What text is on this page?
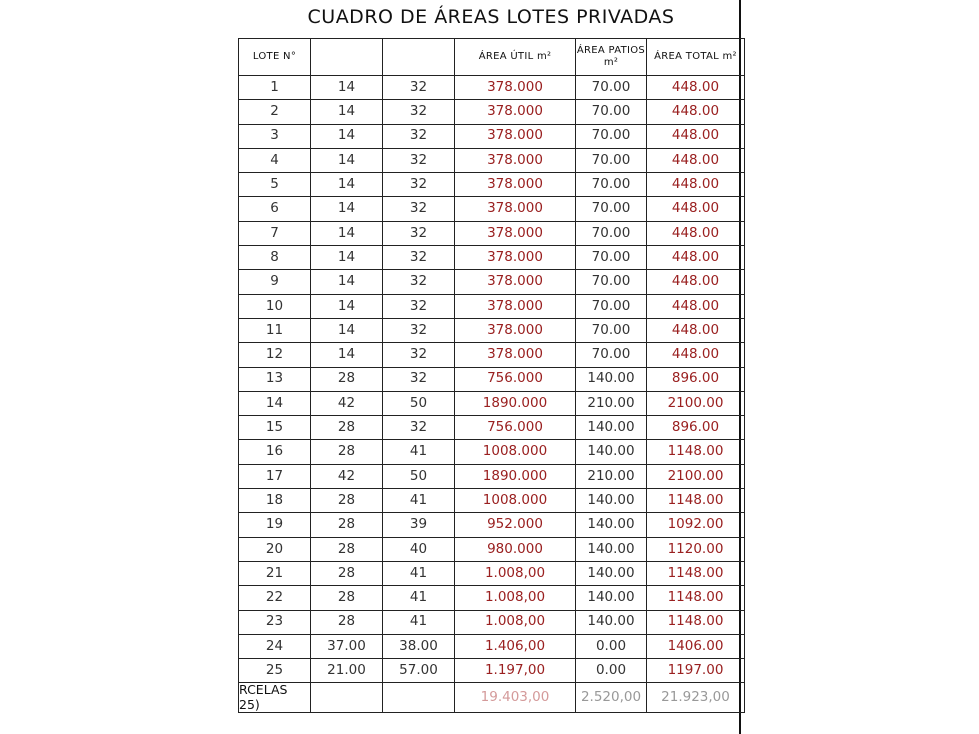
CUADRO DE ÁREAS LOTES PRIVADAS
LOTE N°			ÁREA ÚTIL m²	ÁREA PATIOS m²	ÁREA TOTAL m²
1	14	32	378.000	70.00	448.00
2	14	32	378.000	70.00	448.00
3	14	32	378.000	70.00	448.00
4	14	32	378.000	70.00	448.00
5	14	32	378.000	70.00	448.00
6	14	32	378.000	70.00	448.00
7	14	32	378.000	70.00	448.00
8	14	32	378.000	70.00	448.00
9	14	32	378.000	70.00	448.00
10	14	32	378.000	70.00	448.00
11	14	32	378.000	70.00	448.00
12	14	32	378.000	70.00	448.00
13	28	32	756.000	140.00	896.00
14	42	50	1890.000	210.00	2100.00
15	28	32	756.000	140.00	896.00
16	28	41	1008.000	140.00	1148.00
17	42	50	1890.000	210.00	2100.00
18	28	41	1008.000	140.00	1148.00
19	28	39	952.000	140.00	1092.00
20	28	40	980.000	140.00	1120.00
21	28	41	1.008,00	140.00	1148.00
22	28	41	1.008,00	140.00	1148.00
23	28	41	1.008,00	140.00	1148.00
24	37.00	38.00	1.406,00	0.00	1406.00
25	21.00	57.00	1.197,00	0.00	1197.00
RCELAS
25)			19.403,00	2.520,00	21.923,00
